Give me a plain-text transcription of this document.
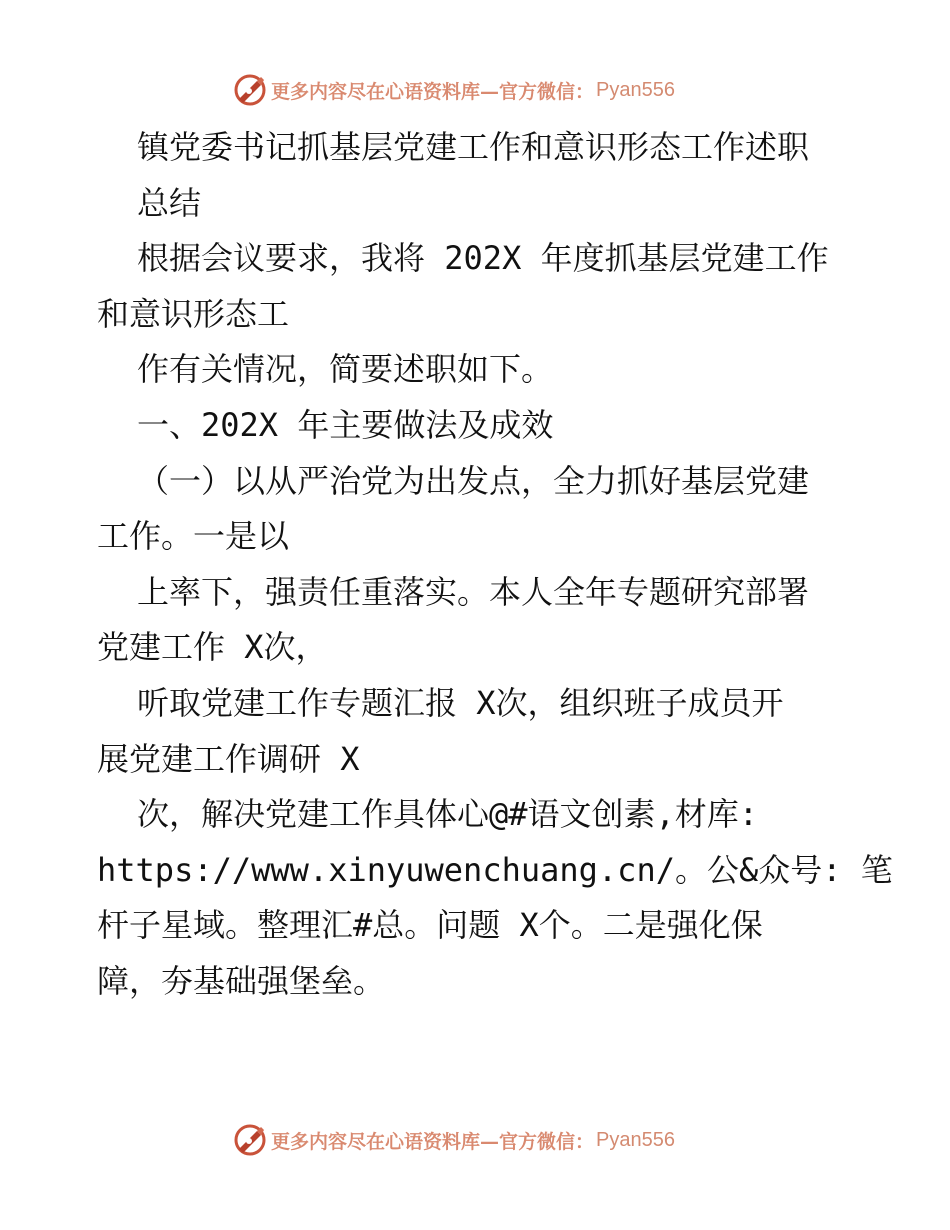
更多内容尽在心语资料库—官方微信： Pyan556
镇党委书记抓基层党建工作和意识形态工作述职
总结
根据会议要求，我将 202X 年度抓基层党建工作
和意识形态工
作有关情况，简要述职如下。
一、202X 年主要做法及成效
（一）以从严治党为出发点，全力抓好基层党建
工作。一是以
上率下，强责任重落实。本人全年专题研究部署
党建工作 X次，
听取党建工作专题汇报 X次，组织班子成员开
展党建工作调研 X
次，解决党建工作具体心@#语文创素,材库:
https://www.xinyuwenchuang.cn/。公&众号: 笔
杆子星域。整理汇#总。问题 X个。二是强化保
障，夯基础强堡垒。
更多内容尽在心语资料库—官方微信： Pyan556
